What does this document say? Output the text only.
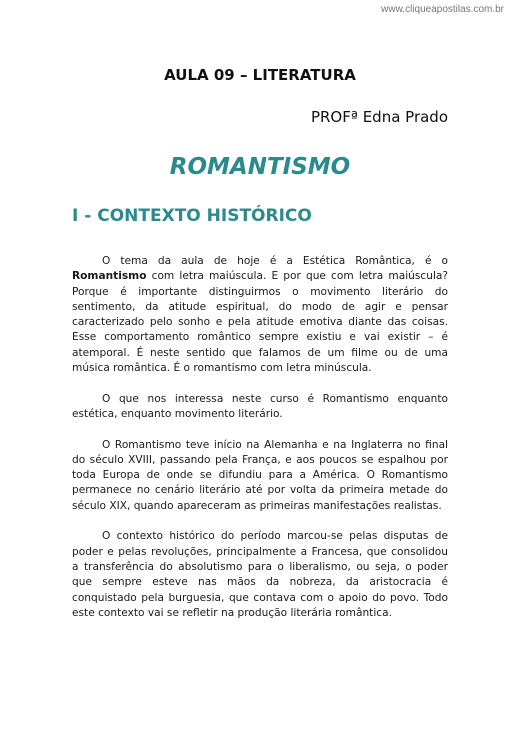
www.cliqueapostilas.com.br
AULA 09 – LITERATURA
PROFª Edna Prado
ROMANTISMO
I - CONTEXTO HISTÓRICO

O tema da aula de hoje é a Estética Romântica, é o Romantismo com letra maiúscula. E por que com letra maiúscula? Porque é importante distinguirmos o movimento literário do sentimento, da atitude espiritual, do modo de agir e pensar caracterizado pelo sonho e pela atitude emotiva diante das coisas. Esse comportamento romântico sempre existiu e vai existir – é atemporal. É neste sentido que falamos de um filme ou de uma música romântica. É o romantismo com letra minúscula.

O que nos interessa neste curso é Romantismo enquanto estética, enquanto movimento literário.

O Romantismo teve início na Alemanha e na Inglaterra no final do século XVIII, passando pela França, e aos poucos se espalhou por toda Europa de onde se difundiu para a América. O Romantismo permanece no cenário literário até por volta da primeira metade do século XIX, quando apareceram as primeiras manifestações realistas.

O contexto histórico do período marcou-se pelas disputas de poder e pelas revoluções, principalmente a Francesa, que consolidou a transferência do absolutismo para o liberalismo, ou seja, o poder que sempre esteve nas mãos da nobreza, da aristocracia é conquistado pela burguesia, que contava com o apoio do povo. Todo este contexto vai se refletir na produção literária romântica.
